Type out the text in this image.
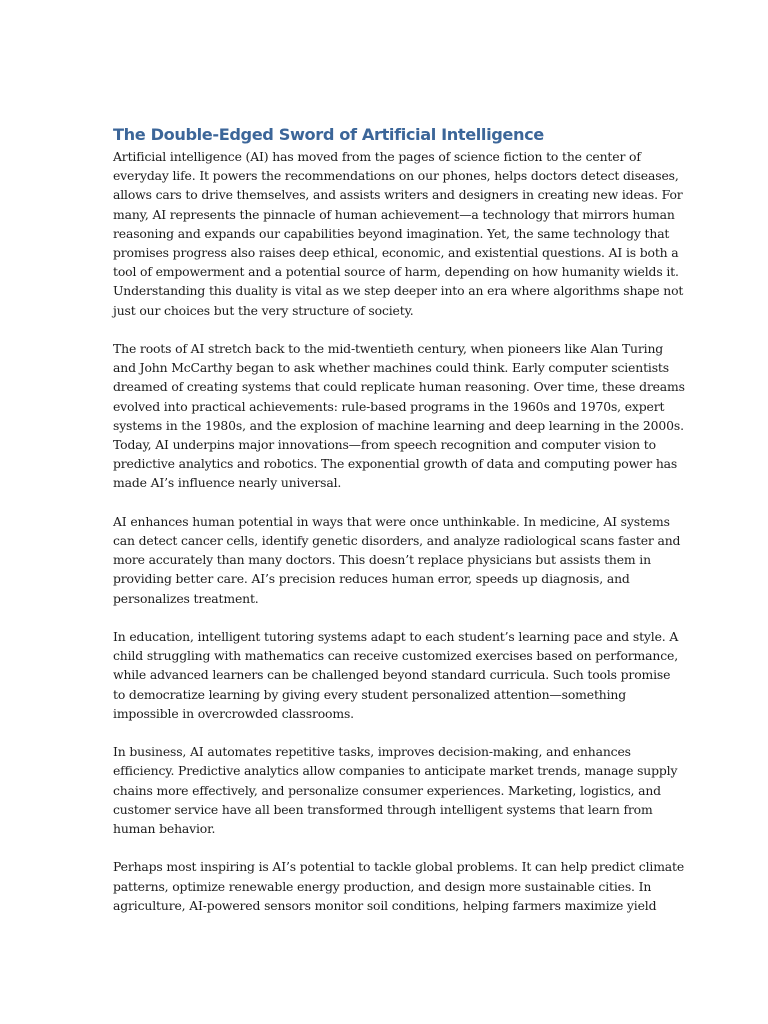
The Double-Edged Sword of Artificial Intelligence

Artificial intelligence (AI) has moved from the pages of science fiction to the center of
everyday life. It powers the recommendations on our phones, helps doctors detect diseases,
allows cars to drive themselves, and assists writers and designers in creating new ideas. For
many, AI represents the pinnacle of human achievement—a technology that mirrors human
reasoning and expands our capabilities beyond imagination. Yet, the same technology that
promises progress also raises deep ethical, economic, and existential questions. AI is both a
tool of empowerment and a potential source of harm, depending on how humanity wields it.
Understanding this duality is vital as we step deeper into an era where algorithms shape not
just our choices but the very structure of society.

The roots of AI stretch back to the mid-twentieth century, when pioneers like Alan Turing
and John McCarthy began to ask whether machines could think. Early computer scientists
dreamed of creating systems that could replicate human reasoning. Over time, these dreams
evolved into practical achievements: rule-based programs in the 1960s and 1970s, expert
systems in the 1980s, and the explosion of machine learning and deep learning in the 2000s.
Today, AI underpins major innovations—from speech recognition and computer vision to
predictive analytics and robotics. The exponential growth of data and computing power has
made AI’s influence nearly universal.

AI enhances human potential in ways that were once unthinkable. In medicine, AI systems
can detect cancer cells, identify genetic disorders, and analyze radiological scans faster and
more accurately than many doctors. This doesn’t replace physicians but assists them in
providing better care. AI’s precision reduces human error, speeds up diagnosis, and
personalizes treatment.

In education, intelligent tutoring systems adapt to each student’s learning pace and style. A
child struggling with mathematics can receive customized exercises based on performance,
while advanced learners can be challenged beyond standard curricula. Such tools promise
to democratize learning by giving every student personalized attention—something
impossible in overcrowded classrooms.

In business, AI automates repetitive tasks, improves decision-making, and enhances
efficiency. Predictive analytics allow companies to anticipate market trends, manage supply
chains more effectively, and personalize consumer experiences. Marketing, logistics, and
customer service have all been transformed through intelligent systems that learn from
human behavior.

Perhaps most inspiring is AI’s potential to tackle global problems. It can help predict climate
patterns, optimize renewable energy production, and design more sustainable cities. In
agriculture, AI-powered sensors monitor soil conditions, helping farmers maximize yield
